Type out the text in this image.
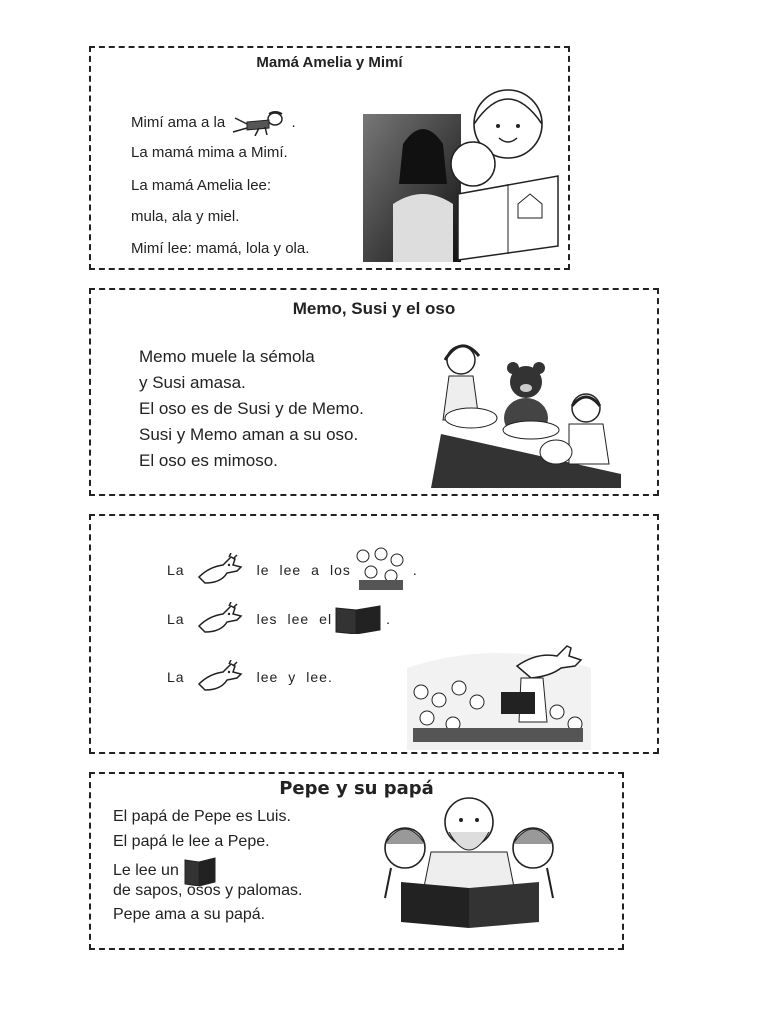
Mamá Amelia y Mimí
Mimí ama a la	.
La mamá mima a Mimí.
La mamá Amelia lee:
mula, ala y miel.
Mimí lee: mamá, lola y ola.
Memo, Susi y el oso
Memo muele la sémola
y Susi amasa.
El oso es de Susi y de Memo.
Susi y Memo aman a su oso.
El oso es mimoso.
La	le lee a los	.
La	les lee el	.
La	lee y lee.
Pepe y su papá
El papá de Pepe es Luis.
El papá le lee a Pepe.
Le lee un
de sapos, osos y palomas.
Pepe ama a su papá.
